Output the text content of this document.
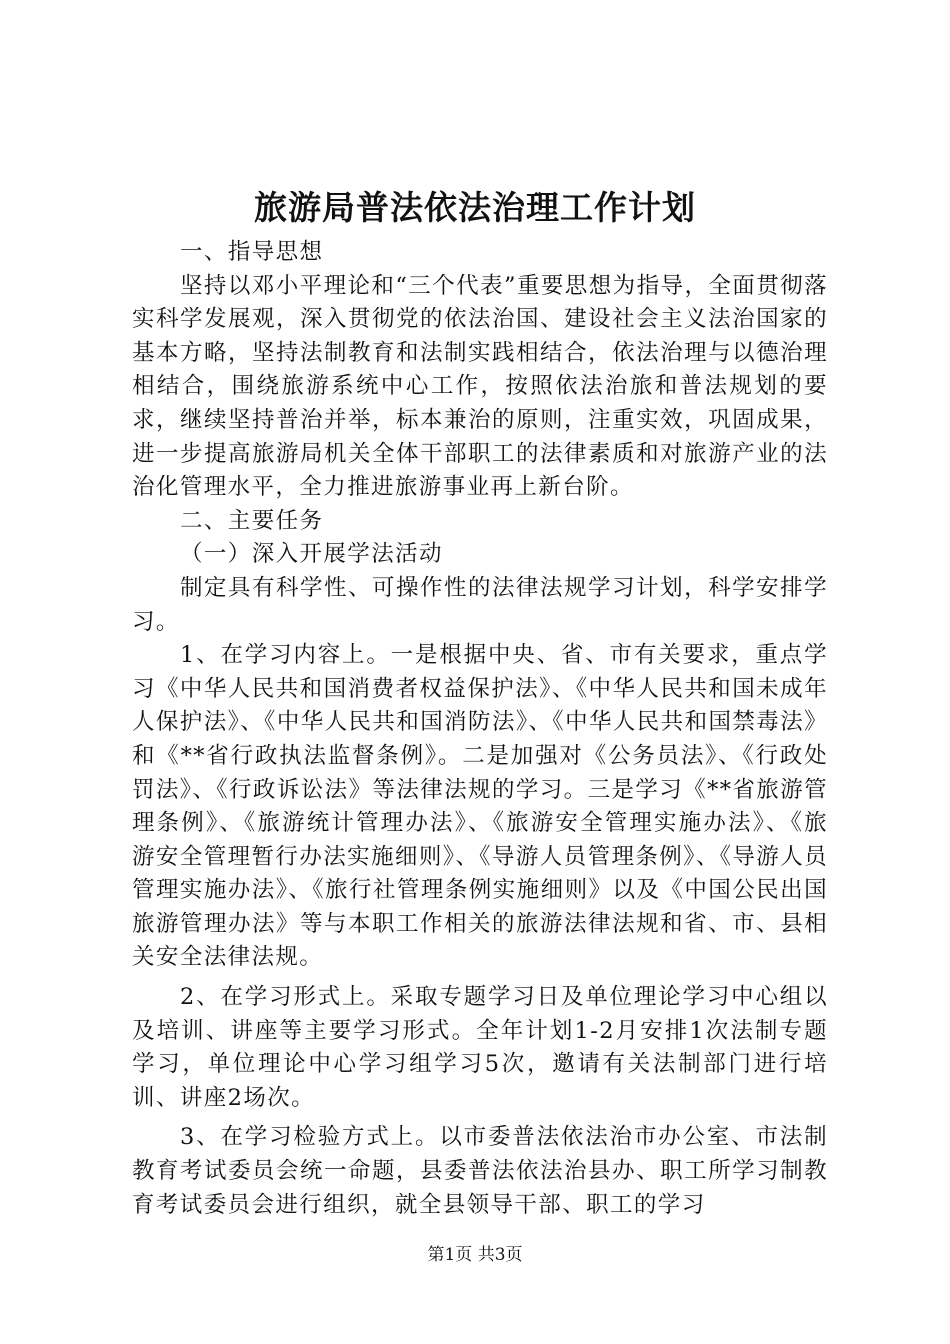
旅游局普法依法治理工作计划

一、指导思想

坚持以邓小平理论和“三个代表”重要思想为指导，全面贯彻落实科学发展观，深入贯彻党的依法治国、建设社会主义法治国家的基本方略，坚持法制教育和法制实践相结合，依法治理与以德治理相结合，围绕旅游系统中心工作，按照依法治旅和普法规划的要求，继续坚持普治并举，标本兼治的原则，注重实效，巩固成果，进一步提高旅游局机关全体干部职工的法律素质和对旅游产业的法治化管理水平，全力推进旅游事业再上新台阶。

二、主要任务

（一）深入开展学法活动

制定具有科学性、可操作性的法律法规学习计划，科学安排学习。

1、在学习内容上。一是根据中央、省、市有关要求，重点学习《中华人民共和国消费者权益保护法》、《中华人民共和国未成年人保护法》、《中华人民共和国消防法》、《中华人民共和国禁毒法》和《**省行政执法监督条例》。二是加强对《公务员法》、《行政处罚法》、《行政诉讼法》等法律法规的学习。三是学习《**省旅游管理条例》、《旅游统计管理办法》、《旅游安全管理实施办法》、《旅游安全管理暂行办法实施细则》、《导游人员管理条例》、《导游人员管理实施办法》、《旅行社管理条例实施细则》以及《中国公民出国旅游管理办法》等与本职工作相关的旅游法律法规和省、市、县相关安全法律法规。

2、在学习形式上。采取专题学习日及单位理论学习中心组以及培训、讲座等主要学习形式。全年计划1-2月安排1次法制专题学习，单位理论中心学习组学习5次，邀请有关法制部门进行培训、讲座2场次。

3、在学习检验方式上。以市委普法依法治市办公室、市法制教育考试委员会统一命题，县委普法依法治县办、职工所学习制教育考试委员会进行组织，就全县领导干部、职工的学习

第1页 共3页
